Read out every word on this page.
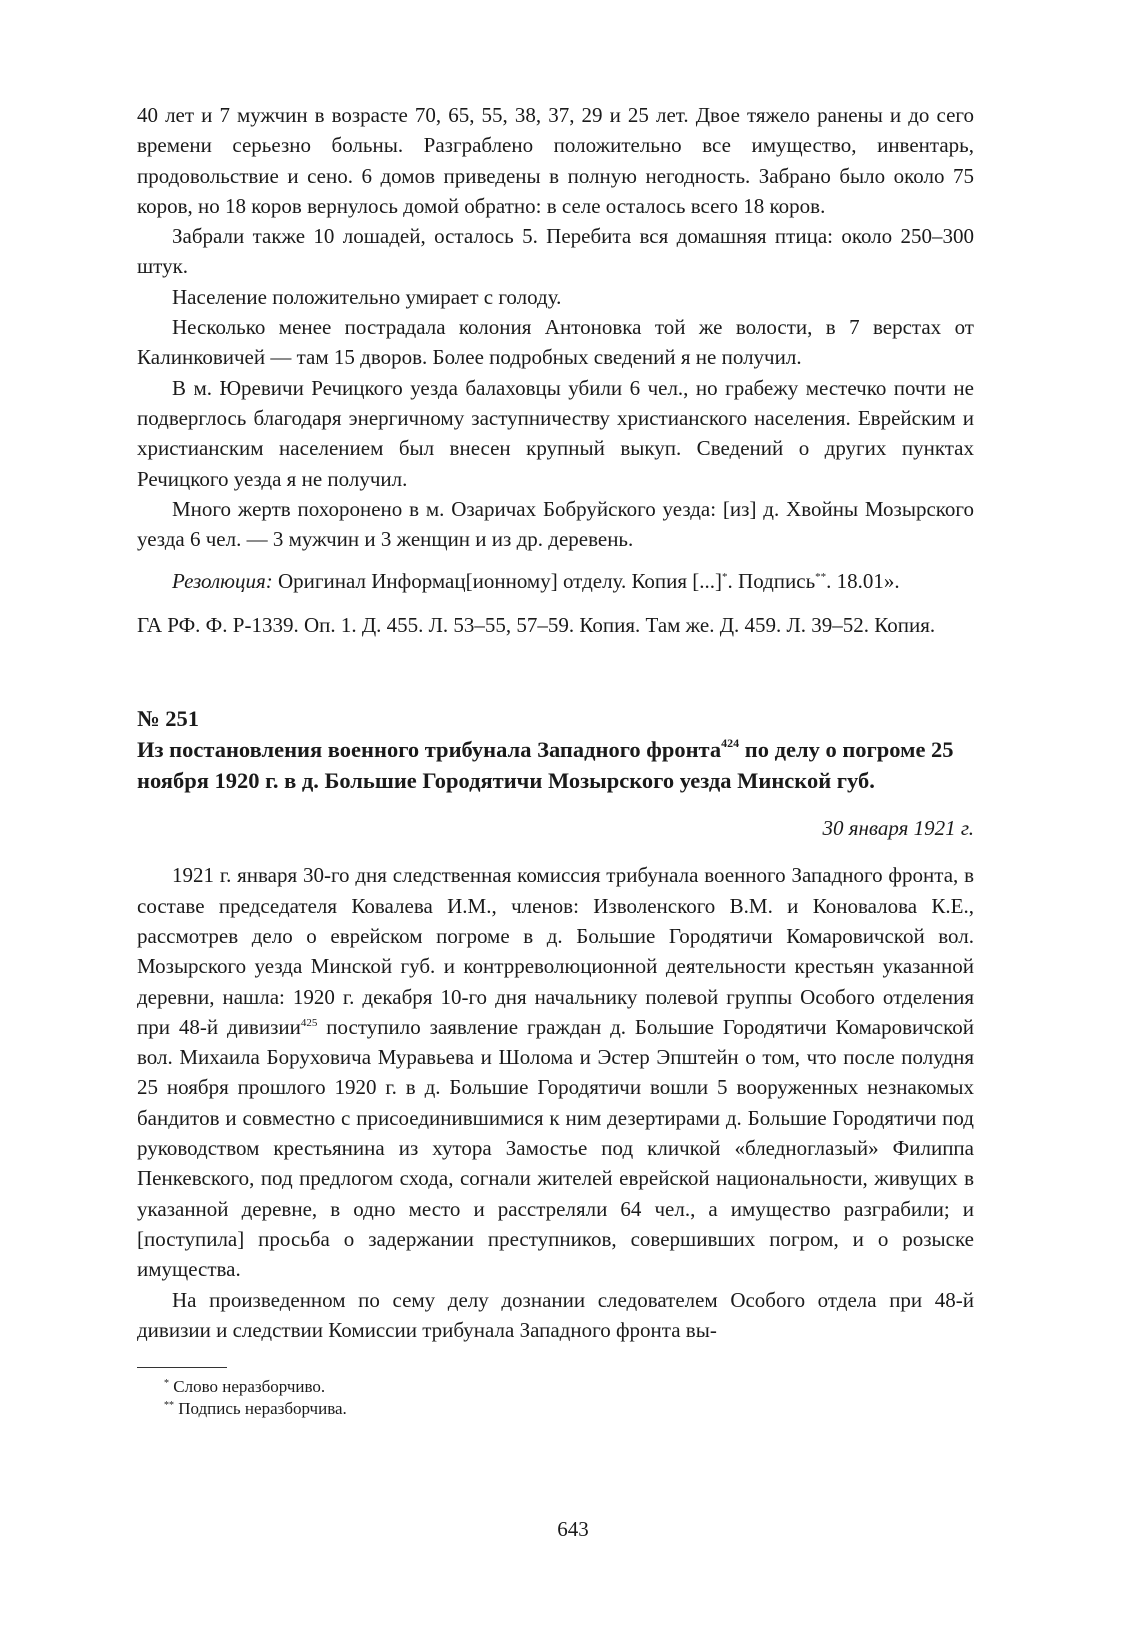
40 лет и 7 мужчин в возрасте 70, 65, 55, 38, 37, 29 и 25 лет. Двое тяжело ранены и до сего времени серьезно больны. Разграблено положительно все имущество, инвентарь, продовольствие и сено. 6 домов приведены в полную негодность. Забрано было около 75 коров, но 18 коров вернулось домой обратно: в селе осталось всего 18 коров.

Забрали также 10 лошадей, осталось 5. Перебита вся домашняя птица: около 250–300 штук.

Население положительно умирает с голоду.

Несколько менее пострадала колония Антоновка той же волости, в 7 верстах от Калинковичей — там 15 дворов. Более подробных сведений я не получил.

В м. Юревичи Речицкого уезда балаховцы убили 6 чел., но грабежу местечко почти не подверглось благодаря энергичному заступничеству христианского населения. Еврейским и христианским населением был внесен крупный выкуп. Сведений о других пунктах Речицкого уезда я не получил.

Много жертв похоронено в м. Озаричах Бобруйского уезда: [из] д. Хвойны Мозырского уезда 6 чел. — 3 мужчин и 3 женщин и из др. деревень.

Резолюция: Оригинал Информац[ионному] отделу. Копия [...]*. Подпись**. 18.01».

ГА РФ. Ф. Р-1339. Оп. 1. Д. 455. Л. 53–55, 57–59. Копия. Там же. Д. 459. Л. 39–52. Копия.

№ 251
Из постановления военного трибунала Западного фронта$^{424}$ по делу о погроме 25 ноября 1920 г. в д. Большие Городятичи Мозырского уезда Минской губ.
30 января 1921 г.

1921 г. января 30-го дня следственная комиссия трибунала военного Западного фронта, в составе председателя Ковалева И.М., членов: Изволенского В.М. и Коновалова К.Е., рассмотрев дело о еврейском погроме в д. Большие Городятичи Комаровичской вол. Мозырского уезда Минской губ. и контрреволюционной деятельности крестьян указанной деревни, нашла: 1920 г. декабря 10-го дня начальнику полевой группы Особого отделения при 48-й дивизии$^{425}$ поступило заявление граждан д. Большие Городятичи Комаровичской вол. Михаила Боруховича Муравьева и Шолома и Эстер Эпштейн о том, что после полудня 25 ноября прошлого 1920 г. в д. Большие Городятичи вошли 5 вооруженных незнакомых бандитов и совместно с присоединившимися к ним дезертирами д. Большие Городятичи под руководством крестьянина из хутора Замостье под кличкой «бледноглазый» Филиппа Пенкевского, под предлогом схода, согнали жителей еврейской национальности, живущих в указанной деревне, в одно место и расстреляли 64 чел., а имущество разграбили; и [поступила] просьба о задержании преступников, совершивших погром, и о розыске имущества.

На произведенном по сему делу дознании следователем Особого отдела при 48-й дивизии и следствии Комиссии трибунала Западного фронта вы-

* Слово неразборчиво.
** Подпись неразборчива.
643
